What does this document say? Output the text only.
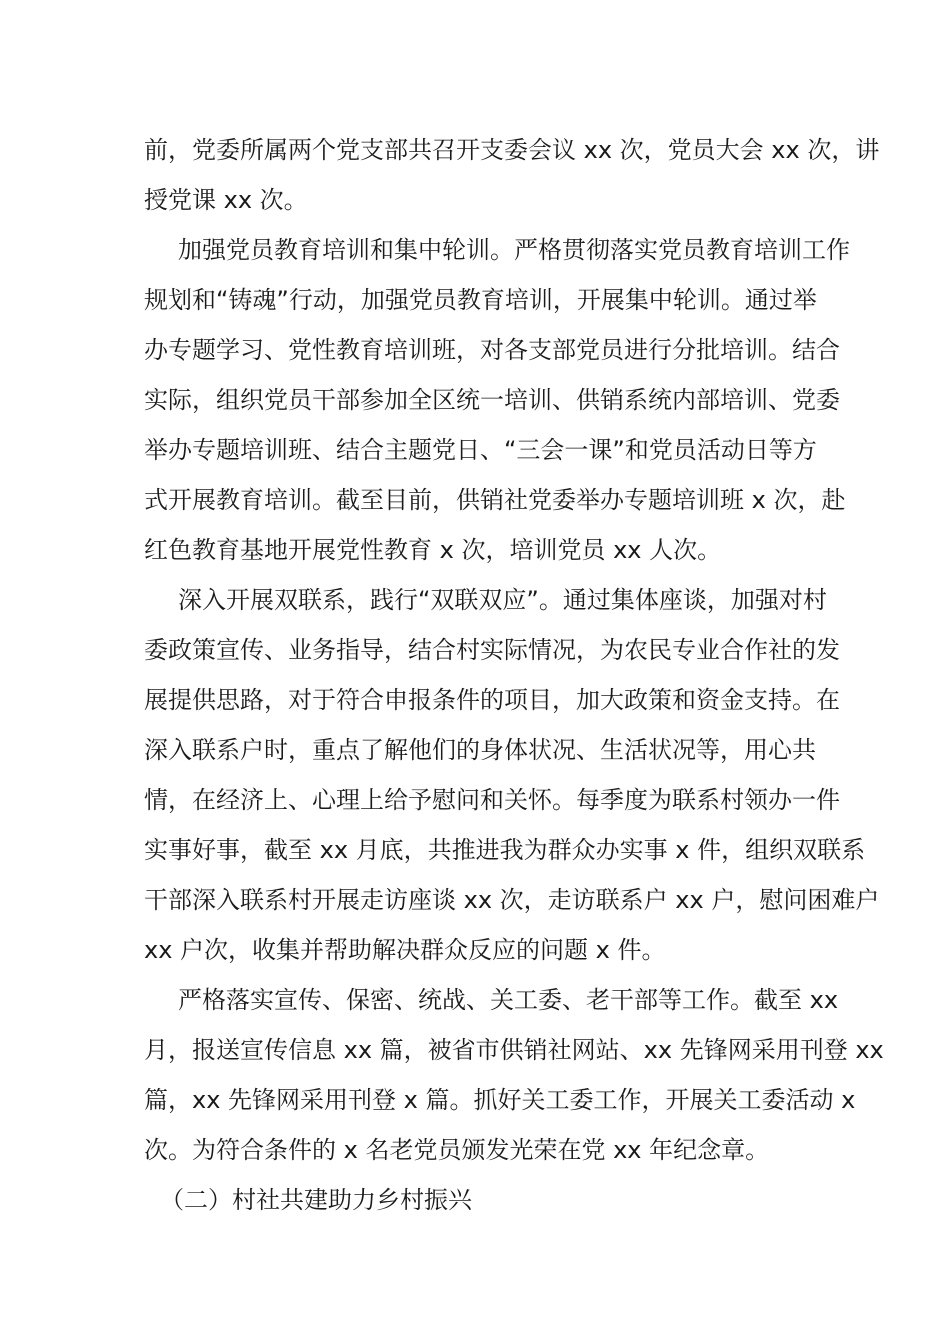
前，党委所属两个党支部共召开支委会议 xx 次，党员大会 xx 次，讲
授党课 xx 次。
加强党员教育培训和集中轮训。严格贯彻落实党员教育培训工作
规划和“铸魂”行动，加强党员教育培训，开展集中轮训。通过举
办专题学习、党性教育培训班，对各支部党员进行分批培训。结合
实际，组织党员干部参加全区统一培训、供销系统内部培训、党委
举办专题培训班、结合主题党日、“三会一课”和党员活动日等方
式开展教育培训。截至目前，供销社党委举办专题培训班 x 次，赴
红色教育基地开展党性教育 x 次，培训党员 xx 人次。
深入开展双联系，践行“双联双应”。通过集体座谈，加强对村
委政策宣传、业务指导，结合村实际情况，为农民专业合作社的发
展提供思路，对于符合申报条件的项目，加大政策和资金支持。在
深入联系户时，重点了解他们的身体状况、生活状况等，用心共
情，在经济上、心理上给予慰问和关怀。每季度为联系村领办一件
实事好事，截至 xx 月底，共推进我为群众办实事 x 件，组织双联系
干部深入联系村开展走访座谈 xx 次，走访联系户 xx 户，慰问困难户
xx 户次，收集并帮助解决群众反应的问题 x 件。
严格落实宣传、保密、统战、关工委、老干部等工作。截至 xx
月，报送宣传信息 xx 篇，被省市供销社网站、xx 先锋网采用刊登 xx
篇，xx 先锋网采用刊登 x 篇。抓好关工委工作，开展关工委活动 x
次。为符合条件的 x 名老党员颁发光荣在党 xx 年纪念章。
（二）村社共建助力乡村振兴
